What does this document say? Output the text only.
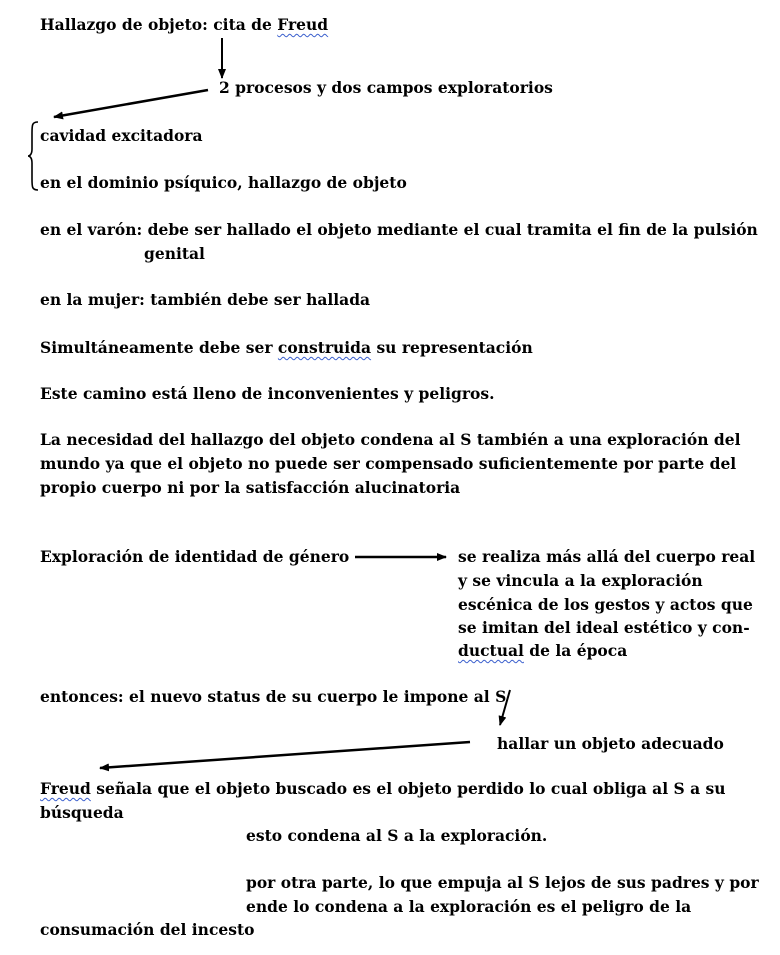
Hallazgo de objeto: cita de Freud
2 procesos y dos campos exploratorios
cavidad excitadora
en el dominio psíquico, hallazgo de objeto
en el varón: debe ser hallado el objeto mediante el cual tramita el fin de la pulsión
genital
en la mujer: también debe ser hallada
Simultáneamente debe ser construida su representación
Este camino está lleno de inconvenientes y peligros.
La necesidad del hallazgo del objeto condena al S también a una exploración del
mundo ya que el objeto no puede ser compensado suficientemente por parte del
propio cuerpo ni por la satisfacción alucinatoria
Exploración de identidad de género	se realiza más allá del cuerpo real
y se vincula a la exploración
escénica de los gestos y actos que
se imitan del ideal estético y con-
ductual de la época
entonces: el nuevo status de su cuerpo le impone al S
hallar un objeto adecuado
Freud señala que el objeto buscado es el objeto perdido lo cual obliga al S a su
búsqueda
esto condena al S a la exploración.
por otra parte, lo que empuja al S lejos de sus padres y por
ende lo condena a la exploración es el peligro de la
consumación del incesto
